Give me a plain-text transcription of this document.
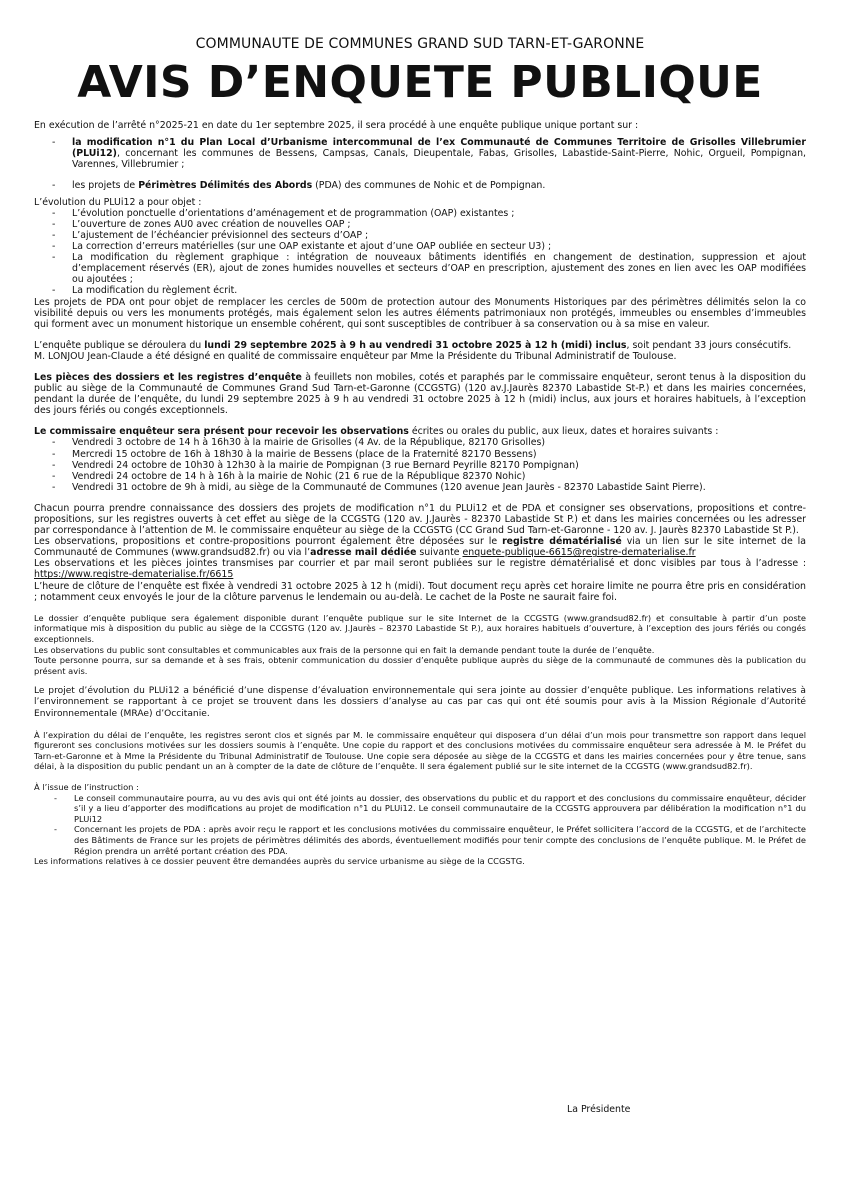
COMMUNAUTE DE COMMUNES GRAND SUD TARN-ET-GARONNE

AVIS D’ENQUETE PUBLIQUE

En exécution de l’arrêté n°2025-21 en date du 1er septembre 2025, il sera procédé à une enquête publique unique portant sur :

- la modification n°1 du Plan Local d’Urbanisme intercommunal de l’ex Communauté de Communes Territoire de Grisolles Villebrumier (PLUi12), concernant les communes de Bessens, Campsas, Canals, Dieupentale, Fabas, Grisolles, Labastide-Saint-Pierre, Nohic, Orgueil, Pompignan, Varennes, Villebrumier ;
- les projets de Périmètres Délimités des Abords (PDA) des communes de Nohic et de Pompignan.

L’évolution du PLUi12 a pour objet :

- L’évolution ponctuelle d’orientations d’aménagement et de programmation (OAP) existantes ;
- L’ouverture de zones AU0 avec création de nouvelles OAP ;
- L’ajustement de l’échéancier prévisionnel des secteurs d’OAP ;
- La correction d’erreurs matérielles (sur une OAP existante et ajout d’une OAP oubliée en secteur U3) ;
- La modification du règlement graphique : intégration de nouveaux bâtiments identifiés en changement de destination, suppression et ajout d’emplacement réservés (ER), ajout de zones humides nouvelles et secteurs d’OAP en prescription, ajustement des zones en lien avec les OAP modifiées ou ajoutées ;
- La modification du règlement écrit.

Les projets de PDA ont pour objet de remplacer les cercles de 500m de protection autour des Monuments Historiques par des périmètres délimités selon la co visibilité depuis ou vers les monuments protégés, mais également selon les autres éléments patrimoniaux non protégés, immeubles ou ensembles d’immeubles qui forment avec un monument historique un ensemble cohérent, qui sont susceptibles de contribuer à sa conservation ou à sa mise en valeur.

L’enquête publique se déroulera du lundi 29 septembre 2025 à 9 h au vendredi 31 octobre 2025 à 12 h (midi) inclus, soit pendant 33 jours consécutifs.

M. LONJOU Jean-Claude a été désigné en qualité de commissaire enquêteur par Mme la Présidente du Tribunal Administratif de Toulouse.

Les pièces des dossiers et les registres d’enquête à feuillets non mobiles, cotés et paraphés par le commissaire enquêteur, seront tenus à la disposition du public au siège de la Communauté de Communes Grand Sud Tarn-et-Garonne (CCGSTG) (120 av.J.Jaurès 82370 Labastide St-P.) et dans les mairies concernées, pendant la durée de l’enquête, du lundi 29 septembre 2025 à 9 h au vendredi 31 octobre 2025 à 12 h (midi) inclus, aux jours et horaires habituels, à l’exception des jours fériés ou congés exceptionnels.

Le commissaire enquêteur sera présent pour recevoir les observations écrites ou orales du public, aux lieux, dates et horaires suivants :

- Vendredi 3 octobre de 14 h à 16h30 à la mairie de Grisolles (4 Av. de la République, 82170 Grisolles)
- Mercredi 15 octobre de 16h à 18h30 à la mairie de Bessens (place de la Fraternité 82170 Bessens)
- Vendredi 24 octobre de 10h30 à 12h30 à la mairie de Pompignan (3 rue Bernard Peyrille 82170 Pompignan)
- Vendredi 24 octobre de 14 h à 16h à la mairie de Nohic (21 6 rue de la République 82370 Nohic)
- Vendredi 31 octobre de 9h à midi, au siège de la Communauté de Communes (120 avenue Jean Jaurès - 82370 Labastide Saint Pierre).

Chacun pourra prendre connaissance des dossiers des projets de modification n°1 du PLUi12 et de PDA et consigner ses observations, propositions et contre-propositions, sur les registres ouverts à cet effet au siège de la CCGSTG (120 av. J.Jaurès - 82370 Labastide St P.) et dans les mairies concernées ou les adresser par correspondance à l’attention de M. le commissaire enquêteur au siège de la CCGSTG (CC Grand Sud Tarn-et-Garonne - 120 av. J. Jaurès 82370 Labastide St P.).

Les observations, propositions et contre-propositions pourront également être déposées sur le registre dématérialisé via un lien sur le site internet de la Communauté de Communes (www.grandsud82.fr) ou via l’adresse mail dédiée suivante enquete-publique-6615@registre-dematerialise.fr

Les observations et les pièces jointes transmises par courrier et par mail seront publiées sur le registre dématérialisé et donc visibles par tous à l’adresse : https://www.registre-dematerialise.fr/6615

L’heure de clôture de l’enquête est fixée à vendredi 31 octobre 2025 à 12 h (midi). Tout document reçu après cet horaire limite ne pourra être pris en considération ; notamment ceux envoyés le jour de la clôture parvenus le lendemain ou au-delà. Le cachet de la Poste ne saurait faire foi.

Le dossier d’enquête publique sera également disponible durant l’enquête publique sur le site Internet de la CCGSTG (www.grandsud82.fr) et consultable à partir d’un poste informatique mis à disposition du public au siège de la CCGSTG (120 av. J.Jaurès – 82370 Labastide St P.), aux horaires habituels d’ouverture, à l’exception des jours fériés ou congés exceptionnels.

Les observations du public sont consultables et communicables aux frais de la personne qui en fait la demande pendant toute la durée de l’enquête.

Toute personne pourra, sur sa demande et à ses frais, obtenir communication du dossier d’enquête publique auprès du siège de la communauté de communes dès la publication du présent avis.

Le projet d’évolution du PLUi12 a bénéficié d’une dispense d’évaluation environnementale qui sera jointe au dossier d’enquête publique. Les informations relatives à l’environnement se rapportant à ce projet se trouvent dans les dossiers d’analyse au cas par cas qui ont été soumis pour avis à la Mission Régionale d’Autorité Environnementale (MRAe) d’Occitanie.

À l’expiration du délai de l’enquête, les registres seront clos et signés par M. le commissaire enquêteur qui disposera d’un délai d’un mois pour transmettre son rapport dans lequel figureront ses conclusions motivées sur les dossiers soumis à l’enquête. Une copie du rapport et des conclusions motivées du commissaire enquêteur sera adressée à M. le Préfet du Tarn-et-Garonne et à Mme la Présidente du Tribunal Administratif de Toulouse. Une copie sera déposée au siège de la CCGSTG et dans les mairies concernées pour y être tenue, sans délai, à la disposition du public pendant un an à compter de la date de clôture de l’enquête. Il sera également publié sur le site internet de la CCGSTG (www.grandsud82.fr).

À l’issue de l’instruction :

- Le conseil communautaire pourra, au vu des avis qui ont été joints au dossier, des observations du public et du rapport et des conclusions du commissaire enquêteur, décider s’il y a lieu d’apporter des modifications au projet de modification n°1 du PLUi12. Le conseil communautaire de la CCGSTG approuvera par délibération la modification n°1 du PLUi12
- Concernant les projets de PDA : après avoir reçu le rapport et les conclusions motivées du commissaire enquêteur, le Préfet sollicitera l’accord de la CCGSTG, et de l’architecte des Bâtiments de France sur les projets de périmètres délimités des abords, éventuellement modifiés pour tenir compte des conclusions de l’enquête publique. M. le Préfet de Région prendra un arrêté portant création des PDA.

Les informations relatives à ce dossier peuvent être demandées auprès du service urbanisme au siège de la CCGSTG.

La Présidente
